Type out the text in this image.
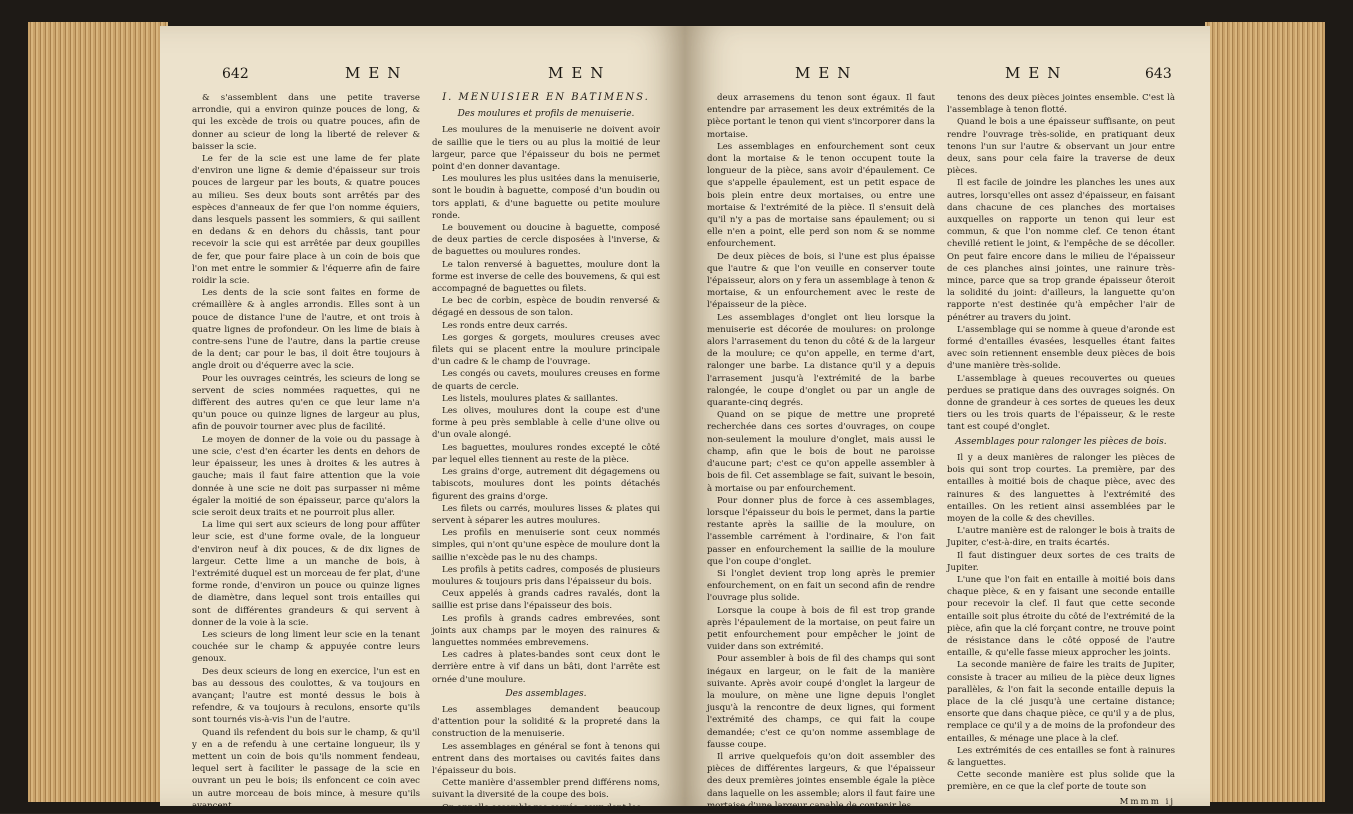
642	MEN	MEN

& s'assemblent dans une petite traverse arrondie, qui a environ quinze pouces de long, & qui les excède de trois ou quatre pouces, afin de donner au scieur de long la liberté de relever & baisser la scie.

Le fer de la scie est une lame de fer plate d'environ une ligne & demie d'épaisseur sur trois pouces de largeur par les bouts, & quatre pouces au milieu. Ses deux bouts sont arrêtés par des espèces d'anneaux de fer que l'on nomme équiers, dans lesquels passent les sommiers, & qui saillent en dedans & en dehors du châssis, tant pour recevoir la scie qui est arrêtée par deux goupilles de fer, que pour faire place à un coin de bois que l'on met entre le sommier & l'équerre afin de faire roidir la scie.

Les dents de la scie sont faites en forme de crémaillère & à angles arrondis. Elles sont à un pouce de distance l'une de l'autre, et ont trois à quatre lignes de profondeur. On les lime de biais à contre-sens l'une de l'autre, dans la partie creuse de la dent; car pour le bas, il doit être toujours à angle droit ou d'équerre avec la scie.

Pour les ouvrages ceintrés, les scieurs de long se servent de scies nommées raquettes, qui ne diffèrent des autres qu'en ce que leur lame n'a qu'un pouce ou quinze lignes de largeur au plus, afin de pouvoir tourner avec plus de facilité.

Le moyen de donner de la voie ou du passage à une scie, c'est d'en écarter les dents en dehors de leur épaisseur, les unes à droites & les autres à gauche; mais il faut faire attention que la voie donnée à une scie ne doit pas surpasser ni même égaler la moitié de son épaisseur, parce qu'alors la scie seroit deux traits et ne pourroit plus aller.

La lime qui sert aux scieurs de long pour affûter leur scie, est d'une forme ovale, de la longueur d'environ neuf à dix pouces, & de dix lignes de largeur. Cette lime a un manche de bois, à l'extrémité duquel est un morceau de fer plat, d'une forme ronde, d'environ un pouce ou quinze lignes de diamètre, dans lequel sont trois entailles qui sont de différentes grandeurs & qui servent à donner de la voie à la scie.

Les scieurs de long liment leur scie en la tenant couchée sur le champ & appuyée contre leurs genoux.

Des deux scieurs de long en exercice, l'un est en bas au dessous des coulottes, & va toujours en avançant; l'autre est monté dessus le bois à refendre, & va toujours à reculons, ensorte qu'ils sont tournés vis-à-vis l'un de l'autre.

Quand ils refendent du bois sur le champ, & qu'il y en a de refendu à une certaine longueur, ils y mettent un coin de bois qu'ils nomment fendeau, lequel sert à faciliter le passage de la scie en ouvrant un peu le bois; ils enfoncent ce coin avec un autre morceau de bois mince, à mesure qu'ils avancent.

I. MENUISIER EN BATIMENS.
Des moulures et profils de menuiserie.

Les moulures de la menuiserie ne doivent avoir de saillie que le tiers ou au plus la moitié de leur largeur, parce que l'épaisseur du bois ne permet point d'en donner davantage.

Les moulures les plus usitées dans la menuiserie, sont le boudin à baguette, composé d'un boudin ou tors applati, & d'une baguette ou petite moulure ronde.

Le bouvement ou doucine à baguette, composé de deux parties de cercle disposées à l'inverse, & de baguettes ou moulures rondes.

Le talon renversé à baguettes, moulure dont la forme est inverse de celle des bouvemens, & qui est accompagné de baguettes ou filets.

Le bec de corbin, espèce de boudin renversé & dégagé en dessous de son talon.

Les ronds entre deux carrés.

Les gorges & gorgets, moulures creuses avec filets qui se placent entre la moulure principale d'un cadre & le champ de l'ouvrage.

Les congés ou cavets, moulures creuses en forme de quarts de cercle.

Les listels, moulures plates & saillantes.

Les olives, moulures dont la coupe est d'une forme à peu près semblable à celle d'une olive ou d'un ovale alongé.

Les baguettes, moulures rondes excepté le côté par lequel elles tiennent au reste de la pièce.

Les grains d'orge, autrement dit dégagemens ou tabiscots, moulures dont les points détachés figurent des grains d'orge.

Les filets ou carrés, moulures lisses & plates qui servent à séparer les autres moulures.

Les profils en menuiserie sont ceux nommés simples, qui n'ont qu'une espèce de moulure dont la saillie n'excède pas le nu des champs.

Les profils à petits cadres, composés de plusieurs moulures & toujours pris dans l'épaisseur du bois.

Ceux appelés à grands cadres ravalés, dont la saillie est prise dans l'épaisseur des bois.

Les profils à grands cadres embrevées, sont joints aux champs par le moyen des rainures & languettes nommées embrevemens.

Les cadres à plates-bandes sont ceux dont le derrière entre à vif dans un bâti, dont l'arrête est ornée d'une moulure.

Des assemblages.

Les assemblages demandent beaucoup d'attention pour la solidité & la propreté dans la construction de la menuiserie.

Les assemblages en général se font à tenons qui entrent dans des mortaises ou cavités faites dans l'épaisseur du bois.

Cette manière d'assembler prend différens noms, suivant la diversité de la coupe des bois.

On appelle assemblages carrés, ceux dont les

MEN	MEN	643

deux arrasemens du tenon sont égaux. Il faut entendre par arrasement les deux extrémités de la pièce portant le tenon qui vient s'incorporer dans la mortaise.

Les assemblages en enfourchement sont ceux dont la mortaise & le tenon occupent toute la longueur de la pièce, sans avoir d'épaulement. Ce que s'appelle épaulement, est un petit espace de bois plein entre deux mortaises, ou entre une mortaise & l'extrémité de la pièce. Il s'ensuit delà qu'il n'y a pas de mortaise sans épaulement; ou si elle n'en a point, elle perd son nom & se nomme enfourchement.

De deux pièces de bois, si l'une est plus épaisse que l'autre & que l'on veuille en conserver toute l'épaisseur, alors on y fera un assemblage à tenon & mortaise, & un enfourchement avec le reste de l'épaisseur de la pièce.

Les assemblages d'onglet ont lieu lorsque la menuiserie est décorée de moulures: on prolonge alors l'arrasement du tenon du côté & de la largeur de la moulure; ce qu'on appelle, en terme d'art, ralonger une barbe. La distance qu'il y a depuis l'arrasement jusqu'à l'extrémité de la barbe ralongée, le coupe d'onglet ou par un angle de quarante-cinq degrés.

Quand on se pique de mettre une propreté recherchée dans ces sortes d'ouvrages, on coupe non-seulement la moulure d'onglet, mais aussi le champ, afin que le bois de bout ne paroisse d'aucune part; c'est ce qu'on appelle assembler à bois de fil. Cet assemblage se fait, suivant le besoin, à mortaise ou par enfourchement.

Pour donner plus de force à ces assemblages, lorsque l'épaisseur du bois le permet, dans la partie restante après la saillie de la moulure, on l'assemble carrément à l'ordinaire, & l'on fait passer en enfourchement la saillie de la moulure que l'on coupe d'onglet.

Si l'onglet devient trop long après le premier enfourchement, on en fait un second afin de rendre l'ouvrage plus solide.

Lorsque la coupe à bois de fil est trop grande après l'épaulement de la mortaise, on peut faire un petit enfourchement pour empêcher le joint de vuider dans son extrémité.

Pour assembler à bois de fil des champs qui sont inégaux en largeur, on le fait de la manière suivante. Après avoir coupé d'onglet la largeur de la moulure, on mène une ligne depuis l'onglet jusqu'à la rencontre de deux lignes, qui forment l'extrémité des champs, ce qui fait la coupe demandée; c'est ce qu'on nomme assemblage de fausse coupe.

Il arrive quelquefois qu'on doit assembler des pièces de différentes largeurs, & que l'épaisseur des deux premières jointes ensemble égale la pièce dans laquelle on les assemble; alors il faut faire une mortaise d'une largeur capable de contenir les

tenons des deux pièces jointes ensemble. C'est là l'assemblage à tenon flotté.

Quand le bois a une épaisseur suffisante, on peut rendre l'ouvrage très-solide, en pratiquant deux tenons l'un sur l'autre & observant un jour entre deux, sans pour cela faire la traverse de deux pièces.

Il est facile de joindre les planches les unes aux autres, lorsqu'elles ont assez d'épaisseur, en faisant dans chacune de ces planches des mortaises auxquelles on rapporte un tenon qui leur est commun, & que l'on nomme clef. Ce tenon étant chevillé retient le joint, & l'empêche de se décoller. On peut faire encore dans le milieu de l'épaisseur de ces planches ainsi jointes, une rainure très-mince, parce que sa trop grande épaisseur ôteroit la solidité du joint: d'ailleurs, la languette qu'on rapporte n'est destinée qu'à empêcher l'air de pénétrer au travers du joint.

L'assemblage qui se nomme à queue d'aronde est formé d'entailles évasées, lesquelles étant faites avec soin retiennent ensemble deux pièces de bois d'une manière très-solide.

L'assemblage à queues recouvertes ou queues perdues se pratique dans des ouvrages soignés. On donne de grandeur à ces sortes de queues les deux tiers ou les trois quarts de l'épaisseur, & le reste tant est coupé d'onglet.

Assemblages pour ralonger les pièces de bois.

Il y a deux manières de ralonger les pièces de bois qui sont trop courtes. La première, par des entailles à moitié bois de chaque pièce, avec des rainures & des languettes à l'extrémité des entailles. On les retient ainsi assemblées par le moyen de la colle & des chevilles.

L'autre manière est de ralonger le bois à traits de Jupiter, c'est-à-dire, en traits écartés.

Il faut distinguer deux sortes de ces traits de Jupiter.

L'une que l'on fait en entaille à moitié bois dans chaque pièce, & en y faisant une seconde entaille pour recevoir la clef. Il faut que cette seconde entaille soit plus étroite du côté de l'extrémité de la pièce, afin que la clé forçant contre, ne trouve point de résistance dans le côté opposé de l'autre entaille, & qu'elle fasse mieux approcher les joints.

La seconde manière de faire les traits de Jupiter, consiste à tracer au milieu de la pièce deux lignes parallèles, & l'on fait la seconde entaille depuis la place de la clé jusqu'à une certaine distance; ensorte que dans chaque pièce, ce qu'il y a de plus, remplace ce qu'il y a de moins de la profondeur des entailles, & ménage une place à la clef.

Les extrémités de ces entailles se font à rainures & languettes.

Cette seconde manière est plus solide que la première, en ce que la clef porte de toute son

Mmmm ij
